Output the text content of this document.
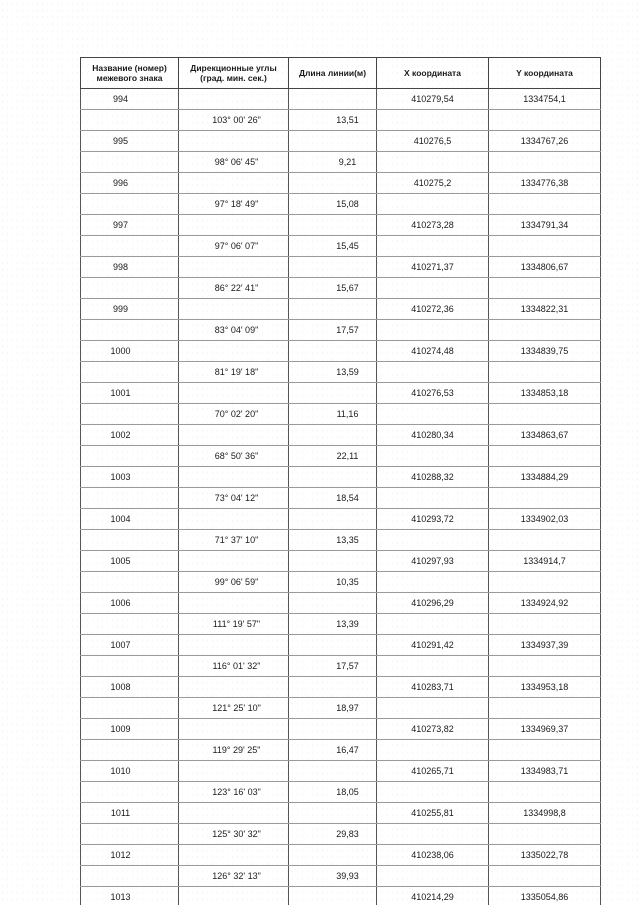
Название (номер) межевого знака	Дирекционные углы (град. мин. сек.)	Длина линии(м)	X координата	Y координата
994			410279,54	1334754,1
	103° 00' 26"	13,51		
995			410276,5	1334767,26
	98° 06' 45"	9,21		
996			410275,2	1334776,38
	97° 18' 49"	15,08		
997			410273,28	1334791,34
	97° 06' 07"	15,45		
998			410271,37	1334806,67
	86° 22' 41"	15,67		
999			410272,36	1334822,31
	83° 04' 09"	17,57		
1000			410274,48	1334839,75
	81° 19' 18"	13,59		
1001			410276,53	1334853,18
	70° 02' 20"	11,16		
1002			410280,34	1334863,67
	68° 50' 36"	22,11		
1003			410288,32	1334884,29
	73° 04' 12"	18,54		
1004			410293,72	1334902,03
	71° 37' 10"	13,35		
1005			410297,93	1334914,7
	99° 06' 59"	10,35		
1006			410296,29	1334924,92
	111° 19' 57"	13,39		
1007			410291,42	1334937,39
	116° 01' 32"	17,57		
1008			410283,71	1334953,18
	121° 25' 10"	18,97		
1009			410273,82	1334969,37
	119° 29' 25"	16,47		
1010			410265,71	1334983,71
	123° 16' 03"	18,05		
1011			410255,81	1334998,8
	125° 30' 32"	29,83		
1012			410238,06	1335022,78
	126° 32' 13"	39,93		
1013			410214,29	1335054,86
